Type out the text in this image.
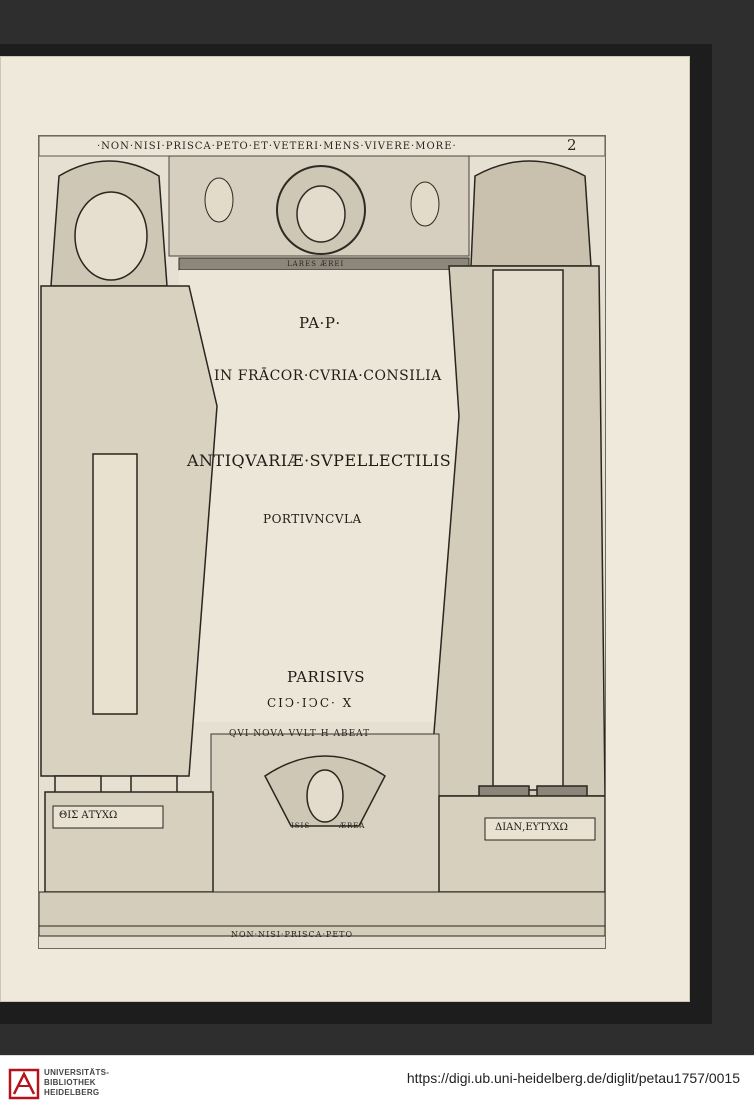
·NON·NISI·PRISCA·PETO·ET·VETERI·MENS·VIVERE·MORE·	2
LARES ÆREI
PA·P·
IN FRĀCOR·CVRIA·CONSILIA
ANTIQVARIÆ·SVPELLECTILIS
PORTIVNCVLA
PARISIVS
CIↃ·IↃC· X
QVI NOVA VVLT H ABEAT
ΘΙΣ ΑΤΥΧΩ
ΔΙΑΝ,ΕΥΤΥΧΩ
ISIS	ÆREA
NON·NISI·PRISCA·PETO
UNIVERSITÄTS-
BIBLIOTHEK
HEIDELBERG
https://digi.ub.uni-heidelberg.de/diglit/petau1757/0015
